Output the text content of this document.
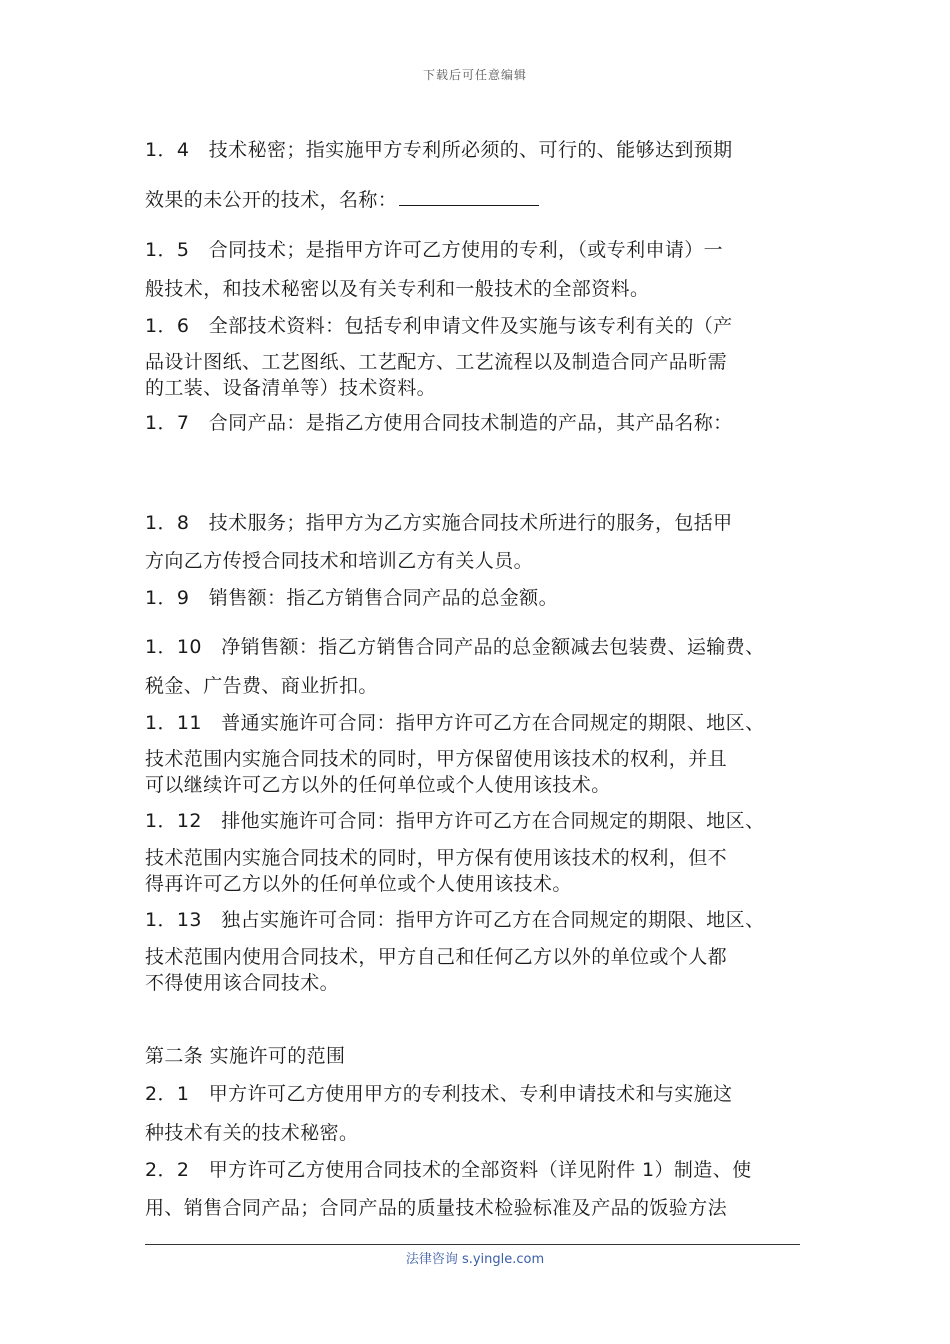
下载后可任意编辑
1．4　技术秘密；指实施甲方专利所必须的、可行的、能够达到预期
效果的未公开的技术，名称：
1．5　合同技术；是指甲方许可乙方使用的专利，（或专利申请）一
般技术，和技术秘密以及有关专利和一般技术的全部资料。
1．6　全部技术资料：包括专利申请文件及实施与该专利有关的（产
品设计图纸、工艺图纸、工艺配方、工艺流程以及制造合同产品昕需
的工装、设备清单等）技术资料。
1．7　合同产品：是指乙方使用合同技术制造的产品，其产品名称：
1．8　技术服务；指甲方为乙方实施合同技术所进行的服务，包括甲
方向乙方传授合同技术和培训乙方有关人员。
1．9　销售额：指乙方销售合同产品的总金额。
1．10　净销售额：指乙方销售合同产品的总金额减去包装费、运输费、
税金、广告费、商业折扣。
1．11　普通实施许可合同：指甲方许可乙方在合同规定的期限、地区、
技术范围内实施合同技术的同时，甲方保留使用该技术的权利，并且
可以继续许可乙方以外的任何单位或个人使用该技术。
1．12　排他实施许可合同：指甲方许可乙方在合同规定的期限、地区、
技术范围内实施合同技术的同时，甲方保有使用该技术的权利，但不
得再许可乙方以外的任何单位或个人使用该技术。
1．13　独占实施许可合同：指甲方许可乙方在合同规定的期限、地区、
技术范围内使用合同技术，甲方自己和任何乙方以外的单位或个人都
不得使用该合同技术。
第二条 实施许可的范围
2．1　甲方许可乙方使用甲方的专利技术、专利申请技术和与实施这
种技术有关的技术秘密。
2．2　甲方许可乙方使用合同技术的全部资料（详见附件 1）制造、使
用、销售合同产品；合同产品的质量技术检验标准及产品的饭验方法
法律咨询 s.yingle.com
